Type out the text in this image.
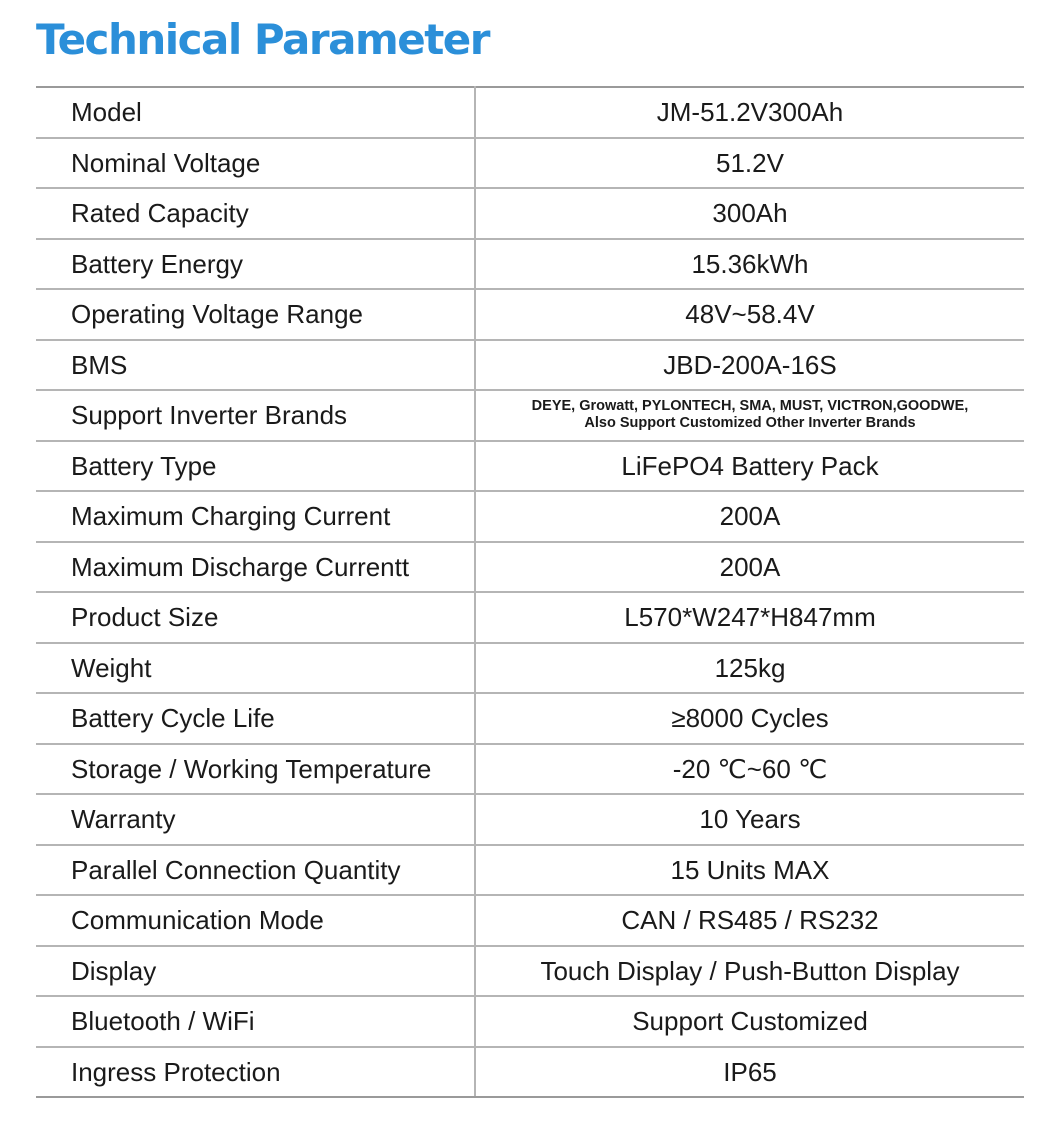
Technical Parameter
Model	JM-51.2V300Ah
Nominal Voltage	51.2V
Rated Capacity	300Ah
Battery Energy	15.36kWh
Operating Voltage Range	48V~58.4V
BMS	JBD-200A-16S
Support Inverter Brands	DEYE, Growatt, PYLONTECH, SMA, MUST, VICTRON,GOODWE,
Also Support Customized Other Inverter Brands

Battery Type	LiFePO4 Battery Pack
Maximum Charging Current	200A
Maximum Discharge Currentt	200A
Product Size	L570*W247*H847mm
Weight	125kg
Battery Cycle Life	≥8000 Cycles
Storage / Working Temperature	-20 ℃~60 ℃
Warranty	10 Years
Parallel Connection Quantity	15 Units MAX
Communication Mode	CAN / RS485 / RS232
Display	Touch Display / Push-Button Display
Bluetooth / WiFi	Support Customized
Ingress Protection	IP65
